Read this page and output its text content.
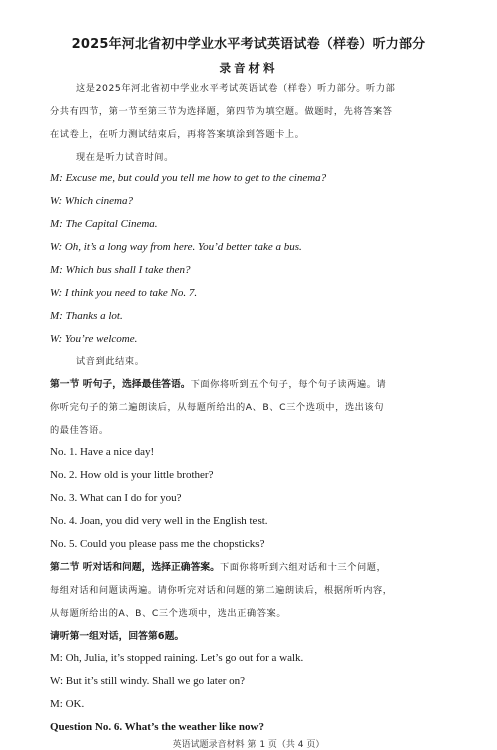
2025年河北省初中学业水平考试英语试卷（样卷）听力部分
录音材料
这是2025年河北省初中学业水平考试英语试卷（样卷）听力部分。听力部
分共有四节，第一节至第三节为选择题，第四节为填空题。做题时，先将答案答
在试卷上，在听力测试结束后，再将答案填涂到答题卡上。
现在是听力试音时间。
M: Excuse me, but could you tell me how to get to the cinema?
W: Which cinema?
M: The Capital Cinema.
W: Oh, it’s a long way from here. You’d better take a bus.
M: Which bus shall I take then?
W: I think you need to take No. 7.
M: Thanks a lot.
W: You’re welcome.
试音到此结束。
第一节 听句子，选择最佳答语。下面你将听到五个句子，每个句子读两遍。请
你听完句子的第二遍朗读后，从每题所给出的A、B、C三个选项中，选出该句
的最佳答语。
No. 1. Have a nice day!
No. 2. How old is your little brother?
No. 3. What can I do for you?
No. 4. Joan, you did very well in the English test.
No. 5. Could you please pass me the chopsticks?
第二节 听对话和问题，选择正确答案。下面你将听到六组对话和十三个问题，
每组对话和问题读两遍。请你听完对话和问题的第二遍朗读后，根据所听内容，
从每题所给出的A、B、C三个选项中，选出正确答案。
请听第一组对话，回答第6题。
M: Oh, Julia, it’s stopped raining. Let’s go out for a walk.
W: But it’s still windy. Shall we go later on?
M: OK.
Question No. 6. What’s the weather like now?
英语试题录音材料 第 1 页（共 4 页）
